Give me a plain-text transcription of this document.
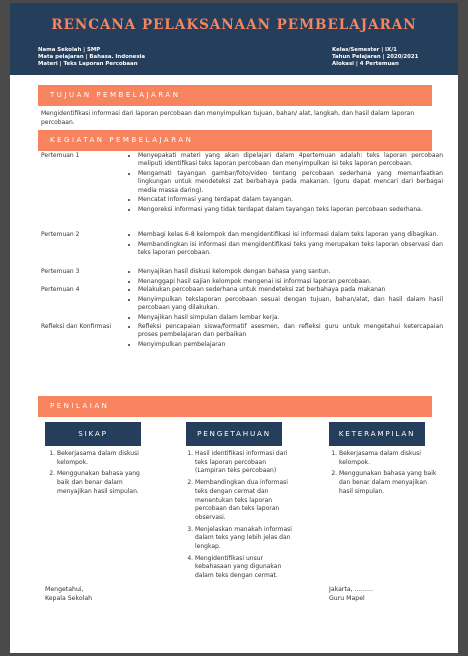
RENCANA PELAKSANAAN PEMBELAJARAN
Nama Sekolah | SMP
Mata pelajaran | Bahasa. Indonesia
Materi | Teks Laporan Percobaan
Kelas/Semester | IX/1
Tahun Pelajaran | 2020/2021
Alokasi | 4 Pertemuan
TUJUAN PEMBELAJARAN
Mengidentifikasi informasi dari laporan percobaan dan menyimpulkan tujuan, bahan/ alat, langkah, dan hasil dalam laporan percobaan.
KEGIATAN PEMBELAJARAN
Pertemuan 1	• Menyepakati materi yang akan dipelajari dalam 4pertemuan adalah: teks laporan percobaan meliputi identifikasi teks laporan percobaan dan menyimpulkan isi teks laporan percobaan.
• Mengamati tayangan gambar/foto/video tentang percobaan sederhana yang memanfaatkan lingkungan untuk mendeteksi zat berbahaya pada makanan. (guru dapat mencari dari berbagai media massa daring).
• Mencatat informasi yang terdapat dalam tayangan.
• Mengoreksi informasi yang tidak terdapat dalam tayangan teks laporan percobaan sederhana.
Pertemuan 2	• Membagi kelas 6-8 kelompok dan mengidentifikasi isi informasi dalam teks laporan yang dibagikan.
• Membandingkan isi informasi dan mengidentifikasi teks yang merupakan teks laporan observasi dan teks laporan percobaan.
Pertemuan 3	• Menyajikan hasil diskusi kelompok dengan bahasa yang santun.
• Menanggapi hasil sajian kelompok mengenai isi informasi laporan percobaan.
Pertemuan 4	• Melakukan percobaan sederhana untuk mendeteksi zat berbahaya pada makanan
• Menyimpulkan tekslaporan percobaan sesuai dengan tujuan, bahan/alat, dan hasil dalam hasil percobaan yang dilakukan.
• Menyajikan hasil simpulan dalam lembar kerja.
Refleksi dan Konfirmasi	• Refleksi pencapaian siswa/formatif asesmen, dan refleksi guru untuk mengetahui ketercapaian proses pembelajaran dan perbaikan
• Menyimpulkan pembelajaran
PENILAIAN
SIKAP
1. Bekerjasama dalam diskusi kelompok.
2. Menggunakan bahasa yang baik dan benar dalam menyajikan hasil simpulan.
PENGETAHUAN
1. Hasil identifikasi informasi dari teks laporan percobaan (Lampiran teks percobaan)
2. Membandingkan dua informasi teks dengan cermat dan menentukan teks laporan percobaan dan teks laporan observasi.
3. Menjelaskan manakah informasi dalam teks yang lebih jelas dan lengkap.
4. Mengidentifikasi unsur kebahasaan yang digunakan dalam teks dengan cermat.
KETERAMPILAN
1. Bekerjasama dalam diskusi kelompok.
2. Menggunakan bahasa yang baik dan benar dalam menyajikan hasil simpulan.
Mengetahui,
Kepala Sekolah
Jakarta, ………
Guru Mapel
